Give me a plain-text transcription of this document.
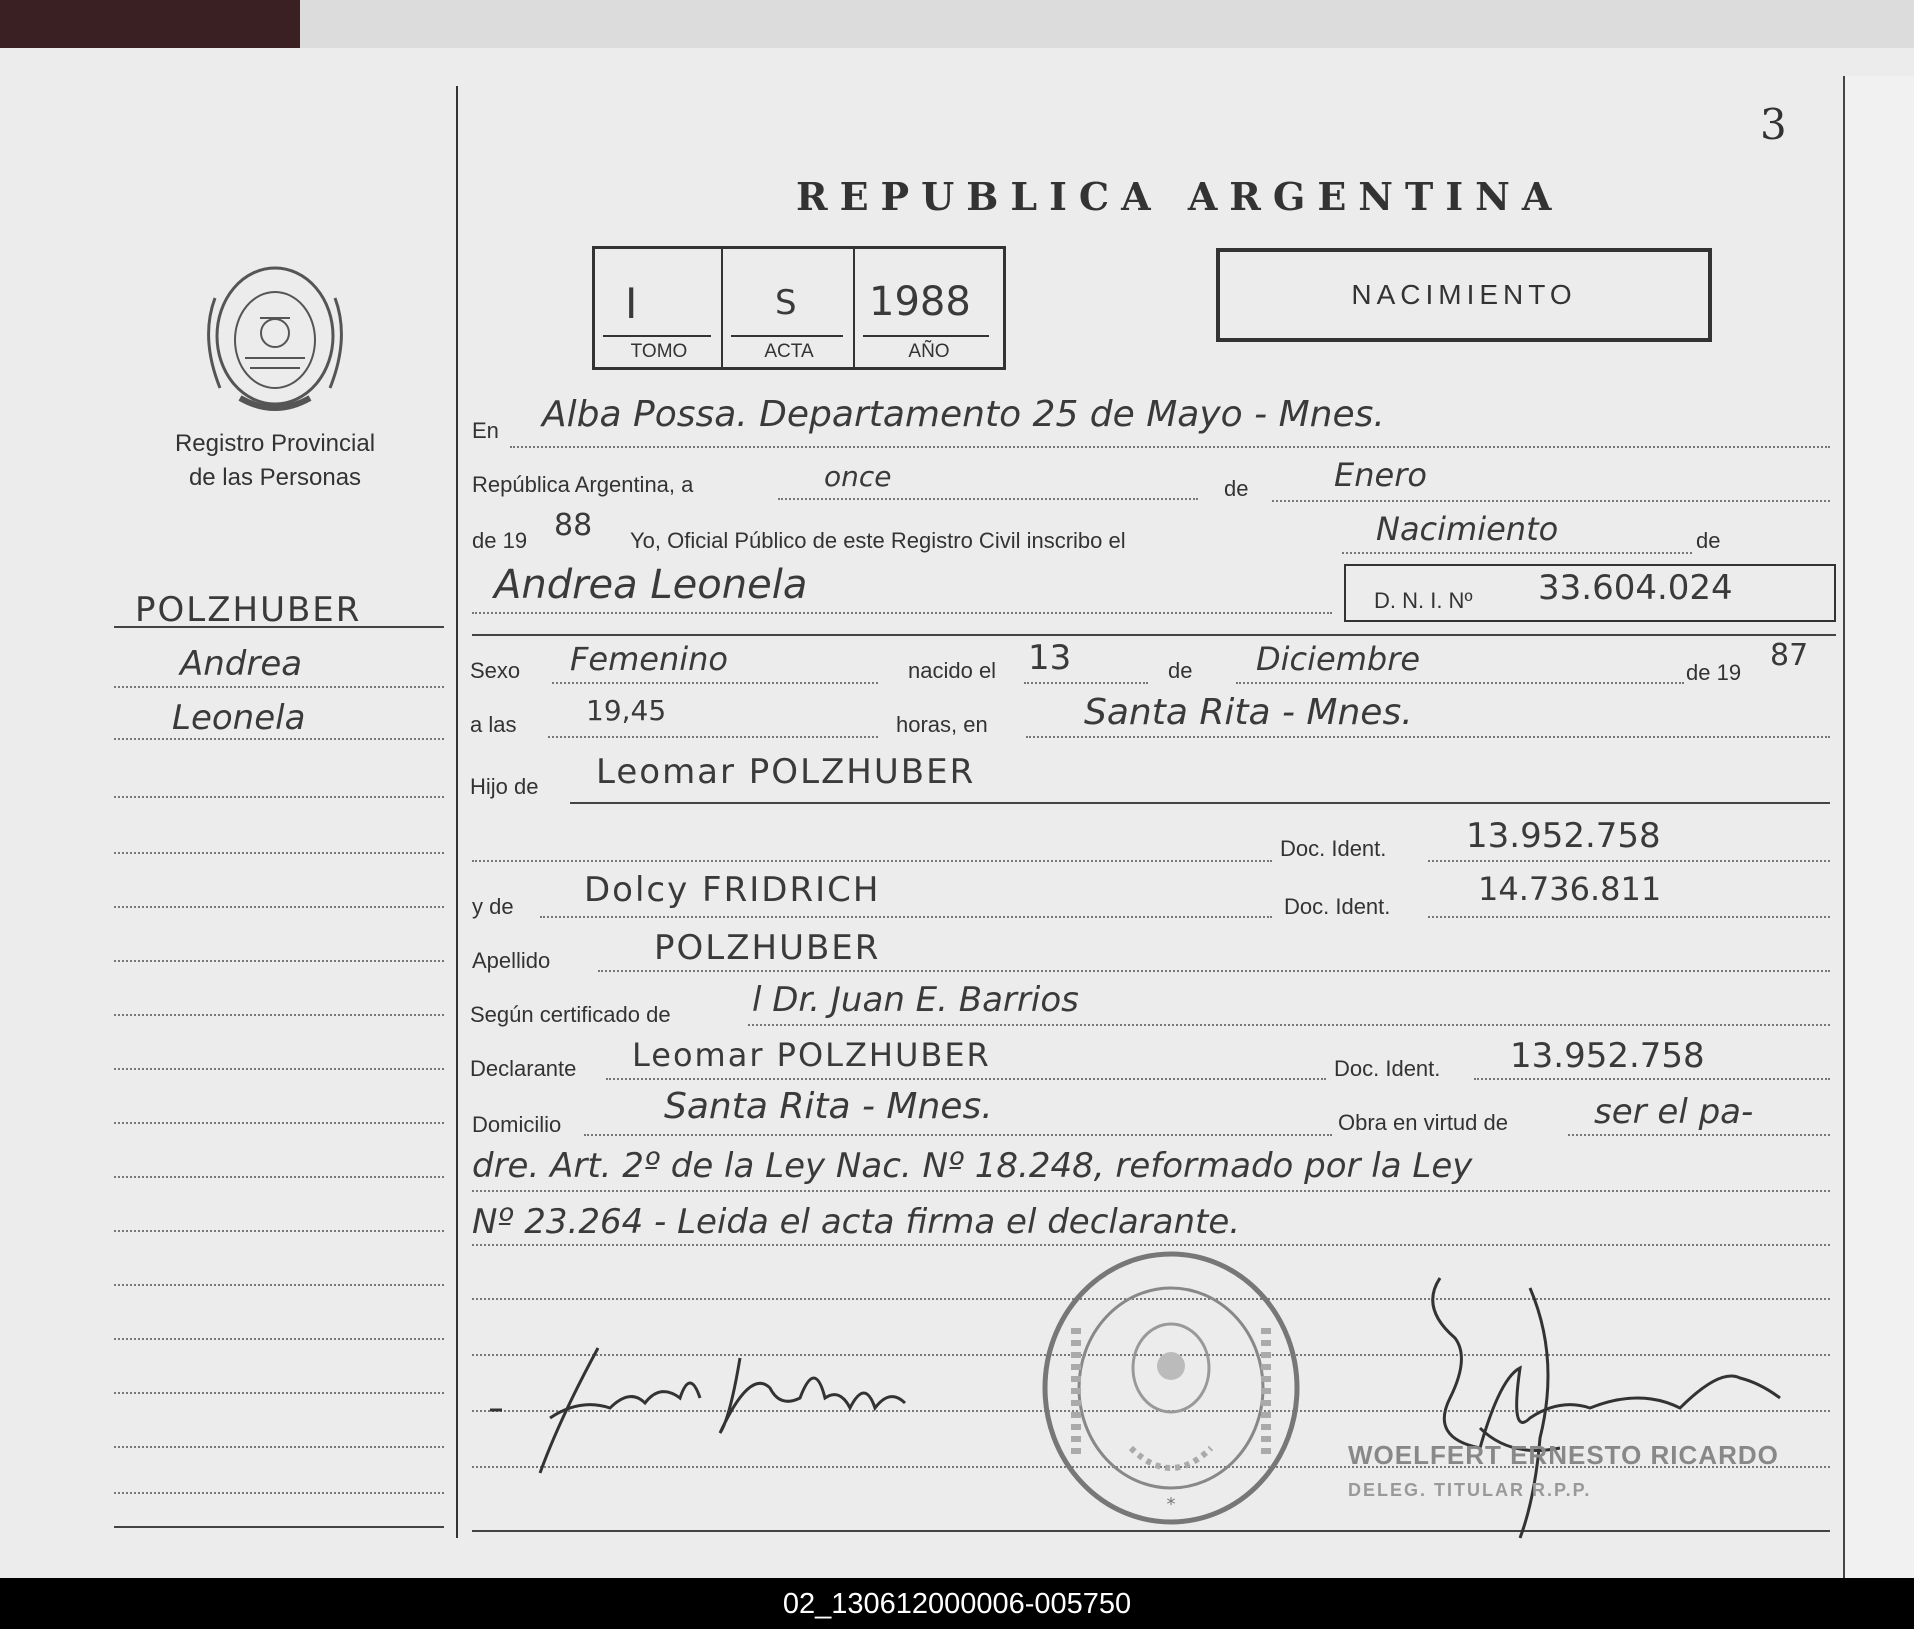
3
Registro Provincial
de las Personas
POLZHUBER
Andrea
Leonela
REPUBLICA ARGENTINA
I
TOMO
S
ACTA
1988
AÑO
NACIMIENTO
En Alba Possa. Departamento 25 de Mayo - Mnes.
República Argentina, a	once	de	Enero
de 19 88 Yo, Oficial Público de este Registro Civil inscribo el	Nacimiento	de
Andrea Leonela	D. N. I. Nº 33.604.024
Sexo Femenino	nacido el 13	de Diciembre	de 19 87
a las 19,45	horas, en	Santa Rita - Mnes.
Hijo de Leomar POLZHUBER
Doc. Ident. 13.952.758
y de Dolcy FRIDRICH	Doc. Ident.	14.736.811
Apellido	POLZHUBER
Según certificado de l Dr. Juan E. Barrios
Declarante Leomar POLZHUBER	Doc. Ident. 13.952.758
Domicilio	Santa Rita - Mnes.	Obra en virtud de	ser el pa-
dre. Art. 2º de la Ley Nac. Nº 18.248, reformado por la Ley
Nº 23.264 - Leida el acta firma el declarante.
*
WOELFERT ERNESTO RICARDO
DELEG. TITULAR R.P.P.
02_130612000006-005750
